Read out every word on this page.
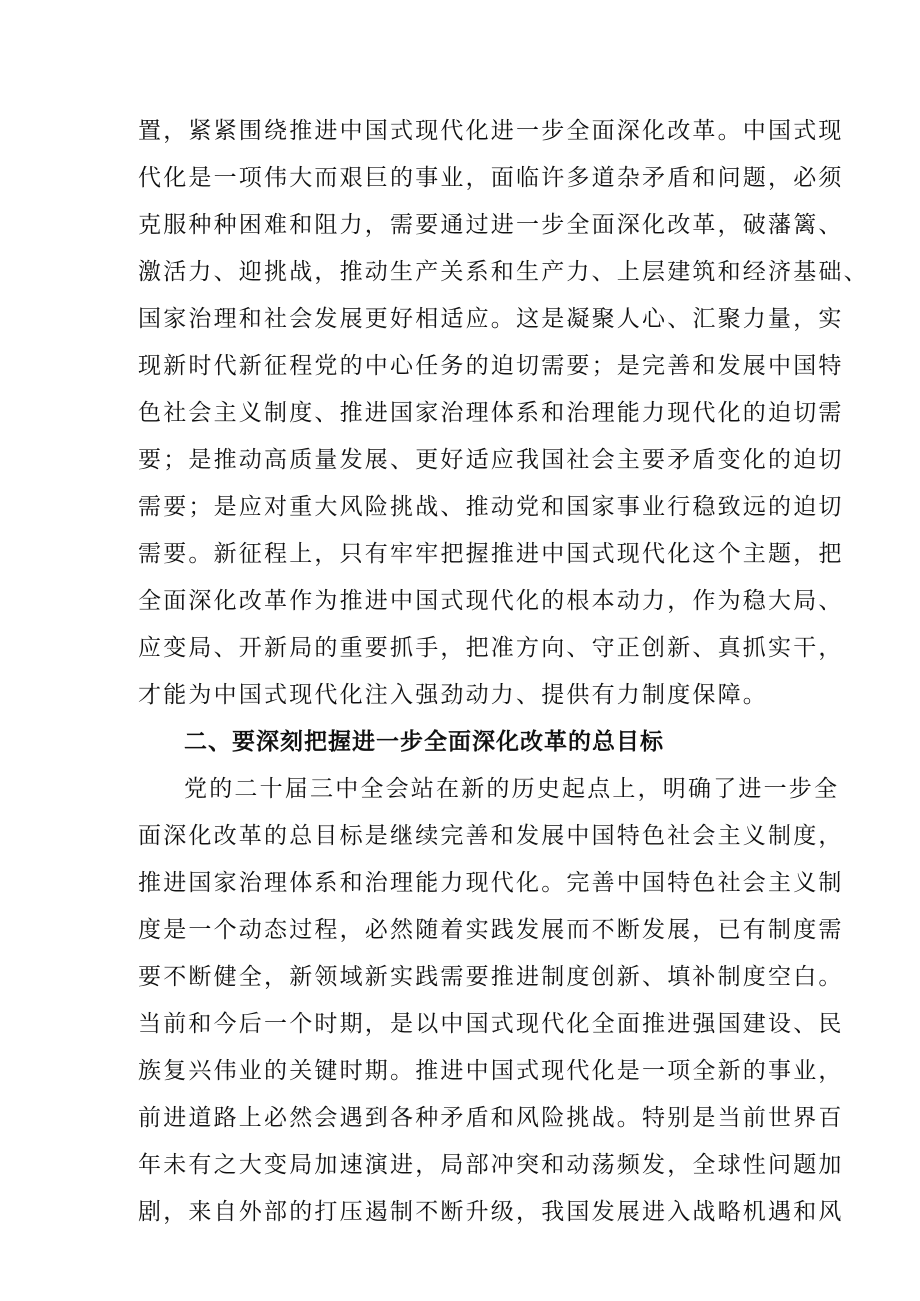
置，紧紧围绕推进中国式现代化进一步全面深化改革。中国式现
代化是一项伟大而艰巨的事业，面临许多道杂矛盾和问题，必须
克服种种困难和阻力，需要通过进一步全面深化改革，破藩篱、
激活力、迎挑战，推动生产关系和生产力、上层建筑和经济基础、
国家治理和社会发展更好相适应。这是凝聚人心、汇聚力量，实
现新时代新征程党的中心任务的迫切需要；是完善和发展中国特
色社会主义制度、推进国家治理体系和治理能力现代化的迫切需
要；是推动高质量发展、更好适应我国社会主要矛盾变化的迫切
需要；是应对重大风险挑战、推动党和国家事业行稳致远的迫切
需要。新征程上，只有牢牢把握推进中国式现代化这个主题，把
全面深化改革作为推进中国式现代化的根本动力，作为稳大局、
应变局、开新局的重要抓手，把准方向、守正创新、真抓实干，
才能为中国式现代化注入强劲动力、提供有力制度保障。
二、要深刻把握进一步全面深化改革的总目标
党的二十届三中全会站在新的历史起点上，明确了进一步全
面深化改革的总目标是继续完善和发展中国特色社会主义制度，
推进国家治理体系和治理能力现代化。完善中国特色社会主义制
度是一个动态过程，必然随着实践发展而不断发展，已有制度需
要不断健全，新领域新实践需要推进制度创新、填补制度空白。
当前和今后一个时期，是以中国式现代化全面推进强国建设、民
族复兴伟业的关键时期。推进中国式现代化是一项全新的事业，
前进道路上必然会遇到各种矛盾和风险挑战。特别是当前世界百
年未有之大变局加速演进，局部冲突和动荡频发，全球性问题加
剧，来自外部的打压遏制不断升级，我国发展进入战略机遇和风
